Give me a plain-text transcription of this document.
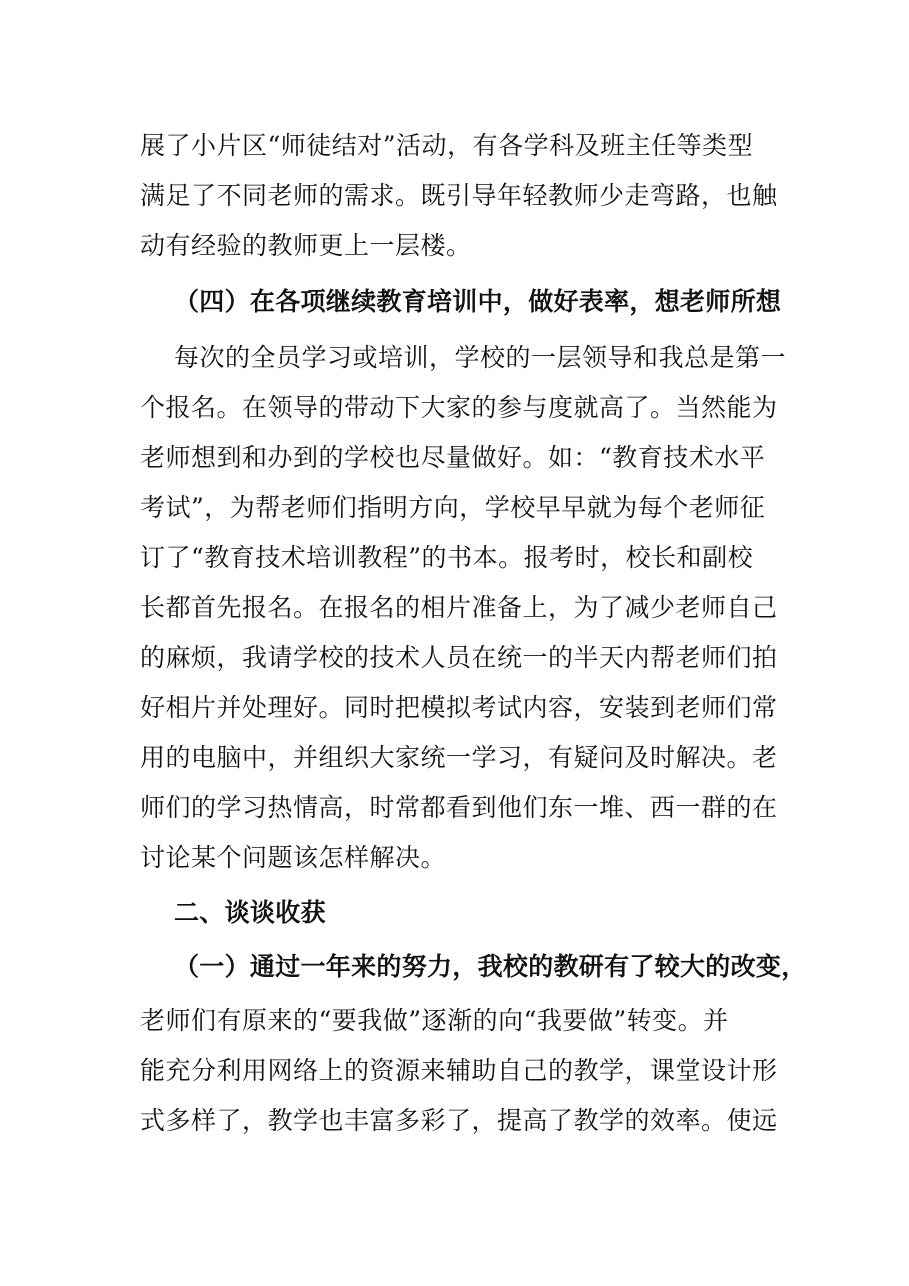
展了小片区“师徒结对”活动，有各学科及班主任等类型
满足了不同老师的需求。既引导年轻教师少走弯路，也触
动有经验的教师更上一层楼。
（四）在各项继续教育培训中，做好表率，想老师所想
每次的全员学习或培训，学校的一层领导和我总是第一
个报名。在领导的带动下大家的参与度就高了。当然能为
老师想到和办到的学校也尽量做好。如：“教育技术水平
考试”，为帮老师们指明方向，学校早早就为每个老师征
订了“教育技术培训教程”的书本。报考时，校长和副校
长都首先报名。在报名的相片准备上，为了减少老师自己
的麻烦，我请学校的技术人员在统一的半天内帮老师们拍
好相片并处理好。同时把模拟考试内容，安装到老师们常
用的电脑中，并组织大家统一学习，有疑问及时解决。老
师们的学习热情高，时常都看到他们东一堆、西一群的在
讨论某个问题该怎样解决。
二、谈谈收获
（一）通过一年来的努力，我校的教研有了较大的改变，
老师们有原来的“要我做”逐渐的向“我要做”转变。并
能充分利用网络上的资源来辅助自己的教学，课堂设计形
式多样了，教学也丰富多彩了，提高了教学的效率。使远
